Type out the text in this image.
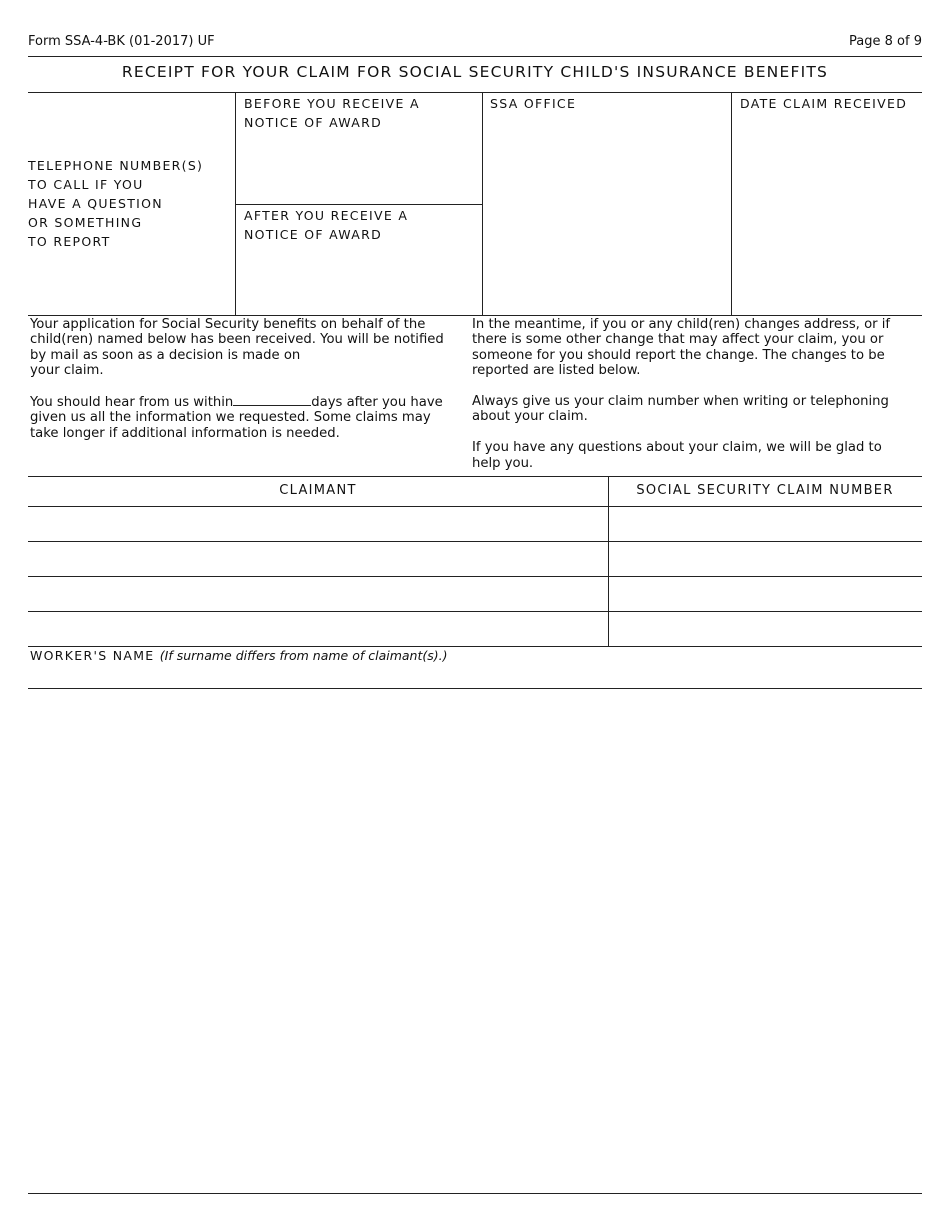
Form SSA-4-BK (01-2017) UF	Page 8 of 9
RECEIPT FOR YOUR CLAIM FOR SOCIAL SECURITY CHILD'S INSURANCE BENEFITS
TELEPHONE NUMBER(S)
TO CALL IF YOU
HAVE A QUESTION
OR SOMETHING
TO REPORT
BEFORE YOU RECEIVE A
NOTICE OF AWARD
AFTER YOU RECEIVE A
NOTICE OF AWARD
SSA OFFICE	DATE CLAIM RECEIVED

Your application for Social Security benefits on behalf of the

child(ren) named below has been received. You will be notified

by mail as soon as a decision is made on

your claim.

You should hear from us within	days after you have

given us all the information we requested. Some claims may

take longer if additional information is needed.

In the meantime, if you or any child(ren) changes address, or if

there is some other change that may affect your claim, you or

someone for you should report the change. The changes to be

reported are listed below.

Always give us your claim number when writing or telephoning

about your claim.

If you have any questions about your claim, we will be glad to

help you.

CLAIMANT	SOCIAL SECURITY CLAIM NUMBER
WORKER'S NAME (If surname differs from name of claimant(s).)
